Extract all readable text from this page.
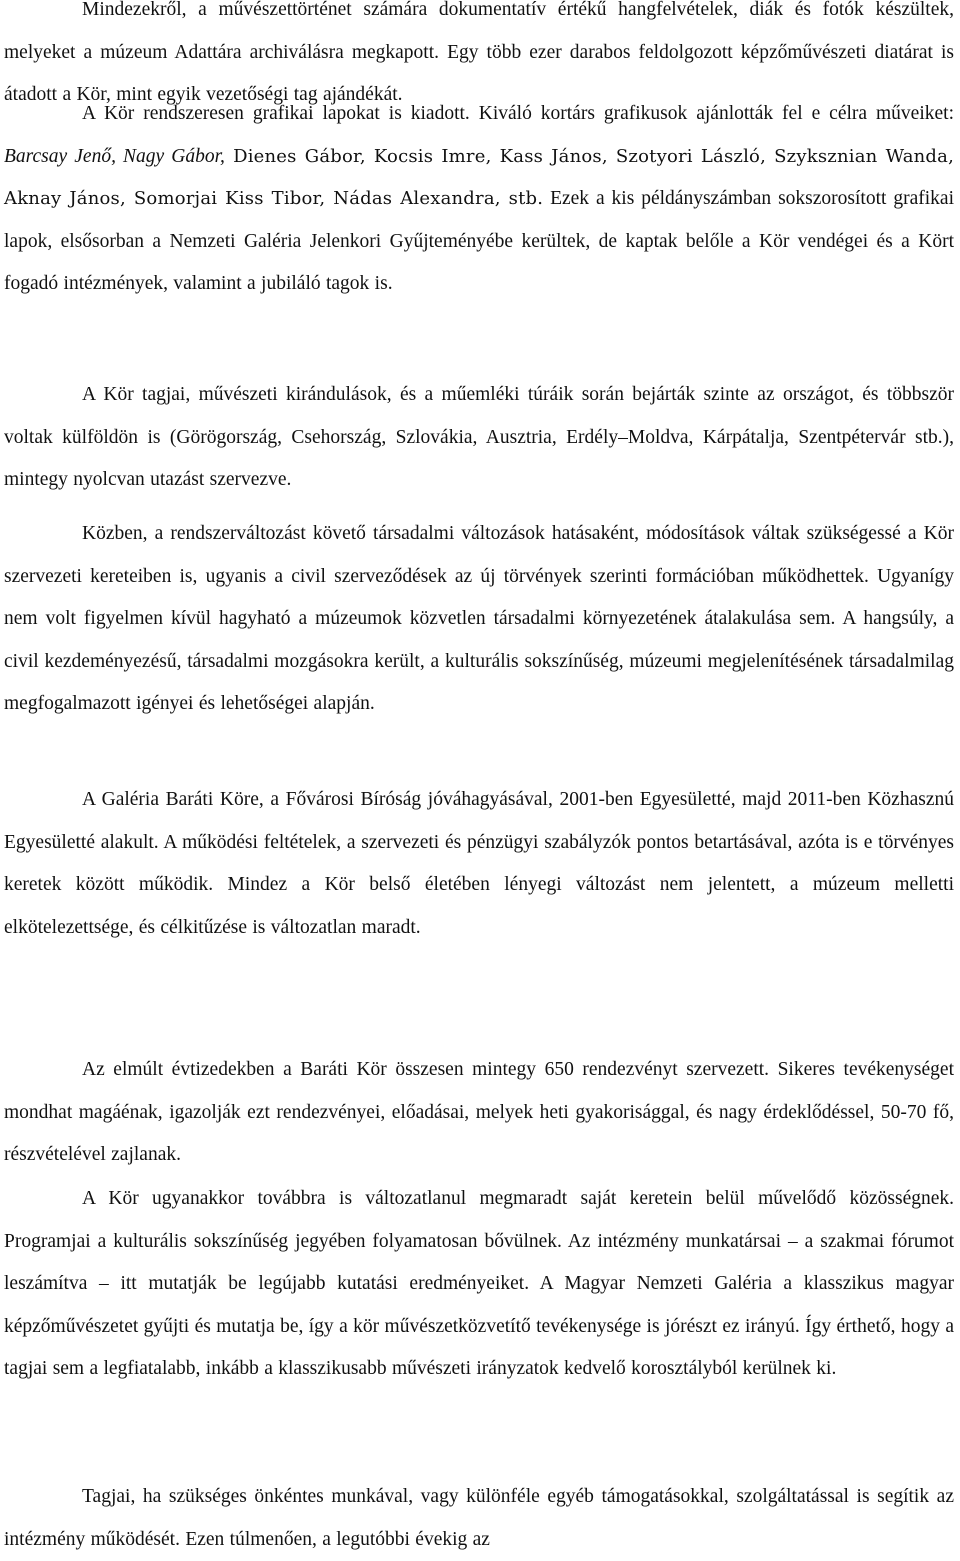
Mindezekről, a művészettörténet számára dokumentatív értékű hangfelvételek, diák és fotók készültek, melyeket a múzeum Adattára archiválásra megkapott. Egy több ezer darabos feldolgozott képzőművészeti diatárat is átadott a Kör, mint egyik vezetőségi tag ajándékát.

A Kör rendszeresen grafikai lapokat is kiadott. Kiváló kortárs grafikusok ajánlották fel e célra műveiket: Barcsay Jenő, Nagy Gábor, Dienes Gábor, Kocsis Imre, Kass János, Szotyori László, Szyksznian Wanda, Aknay János, Somorjai Kiss Tibor, Nádas Alexandra, stb. Ezek a kis példányszámban sokszorosított grafikai lapok, elsősorban a Nemzeti Galéria Jelenkori Gyűjteményébe kerültek, de kaptak belőle a Kör vendégei és a Kört fogadó intézmények, valamint a jubiláló tagok is.

A Kör tagjai, művészeti kirándulások, és a műemléki túráik során bejárták szinte az országot, és többször voltak külföldön is (Görögország, Csehország, Szlovákia, Ausztria, Erdély–Moldva, Kárpátalja, Szentpétervár stb.), mintegy nyolcvan utazást szervezve.

Közben, a rendszerváltozást követő társadalmi változások hatásaként, módosítások váltak szükségessé a Kör szervezeti kereteiben is, ugyanis a civil szerveződések az új törvények szerinti formációban működhettek. Ugyanígy nem volt figyelmen kívül hagyható a múzeumok közvetlen társadalmi környezetének átalakulása sem. A hangsúly, a civil kezdeményezésű, társadalmi mozgásokra került, a kulturális sokszínűség, múzeumi megjelenítésének társadalmilag megfogalmazott igényei és lehetőségei alapján.

A Galéria Baráti Köre, a Fővárosi Bíróság jóváhagyásával, 2001-ben Egyesületté, majd 2011-ben Közhasznú Egyesületté alakult. A működési feltételek, a szervezeti és pénzügyi szabályzók pontos betartásával, azóta is e törvényes keretek között működik. Mindez a Kör belső életében lényegi változást nem jelentett, a múzeum melletti elkötelezettsége, és célkitűzése is változatlan maradt.

Az elmúlt évtizedekben a Baráti Kör összesen mintegy 650 rendezvényt szervezett. Sikeres tevékenységet mondhat magáénak, igazolják ezt rendezvényei, előadásai, melyek heti gyakorisággal, és nagy érdeklődéssel, 50-70 fő, részvételével zajlanak.

A Kör ugyanakkor továbbra is változatlanul megmaradt saját keretein belül művelődő közösségnek. Programjai a kulturális sokszínűség jegyében folyamatosan bővülnek. Az intézmény munkatársai – a szakmai fórumot leszámítva – itt mutatják be legújabb kutatási eredményeiket. A Magyar Nemzeti Galéria a klasszikus magyar képzőművészetet gyűjti és mutatja be, így a kör művészetközvetítő tevékenysége is jórészt ez irányú. Így érthető, hogy a tagjai sem a legfiatalabb, inkább a klasszikusabb művészeti irányzatok kedvelő korosztályból kerülnek ki.

Tagjai, ha szükséges önkéntes munkával, vagy különféle egyéb támogatásokkal, szolgáltatással is segítik az intézmény működését. Ezen túlmenően, a legutóbbi évekig az
